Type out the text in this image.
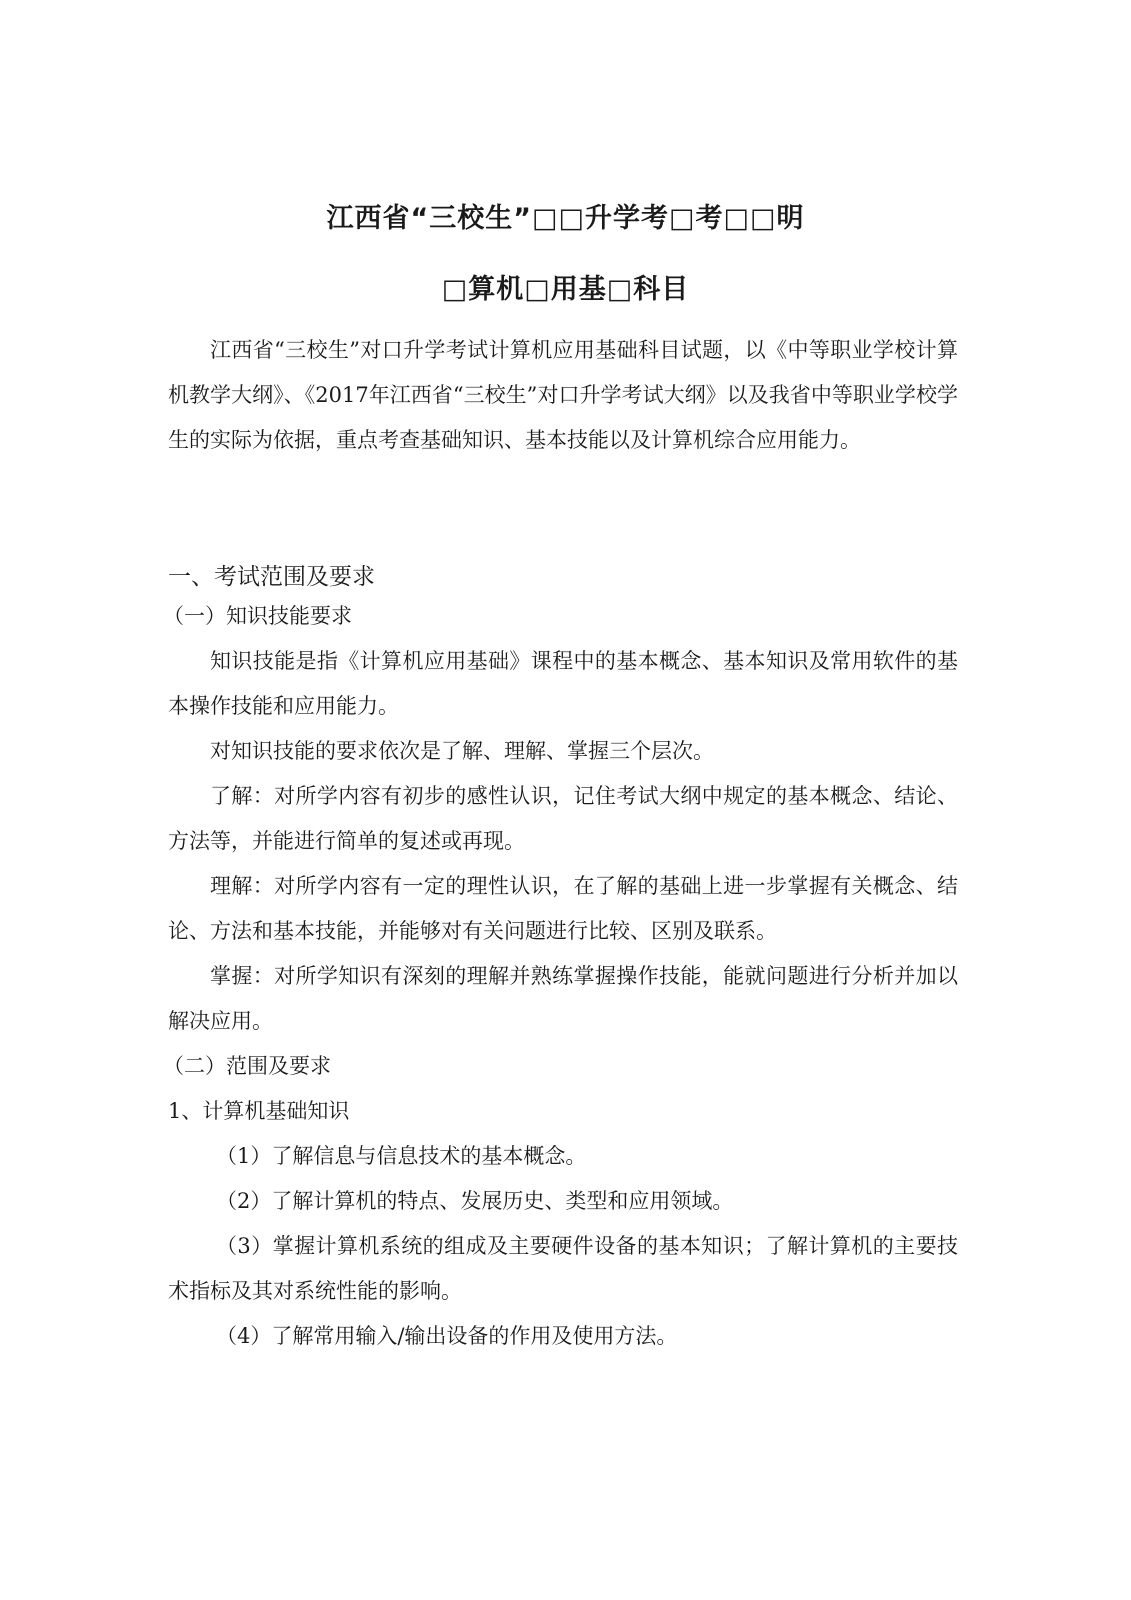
江西省“三校生”□□升学考□考□□明
□算机□用基□科目

江西省“三校生”对口升学考试计算机应用基础科目试题，以《中等职业学校计算机教学大纲》、《2017年江西省“三校生”对口升学考试大纲》以及我省中等职业学校学生的实际为依据，重点考查基础知识、基本技能以及计算机综合应用能力。

一、考试范围及要求

（一）知识技能要求

知识技能是指《计算机应用基础》课程中的基本概念、基本知识及常用软件的基本操作技能和应用能力。

对知识技能的要求依次是了解、理解、掌握三个层次。

了解：对所学内容有初步的感性认识，记住考试大纲中规定的基本概念、结论、方法等，并能进行简单的复述或再现。

理解：对所学内容有一定的理性认识，在了解的基础上进一步掌握有关概念、结论、方法和基本技能，并能够对有关问题进行比较、区别及联系。

掌握：对所学知识有深刻的理解并熟练掌握操作技能，能就问题进行分析并加以解决应用。

（二）范围及要求

1、计算机基础知识

（1）了解信息与信息技术的基本概念。

（2）了解计算机的特点、发展历史、类型和应用领域。

（3）掌握计算机系统的组成及主要硬件设备的基本知识；了解计算机的主要技术指标及其对系统性能的影响。

（4）了解常用输入/输出设备的作用及使用方法。
